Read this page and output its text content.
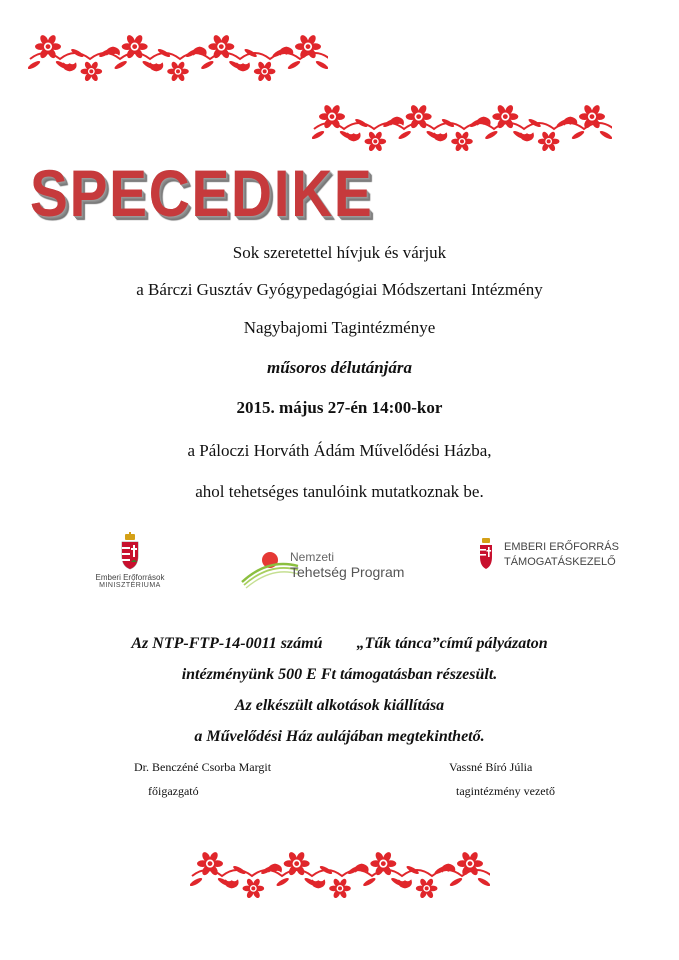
SPECEDIKE
Sok szeretettel hívjuk és várjuk
a Bárczi Gusztáv Gyógypedagógiai Módszertani Intézmény
Nagybajomi Tagintézménye
műsoros délutánjára
2015. május 27-én 14:00-kor
a Páloczi Horváth Ádám Művelődési Házba,
ahol tehetséges tanulóink mutatkoznak be.
Emberi Erőforrások
MINISZTÉRIUMA
Nemzeti
Tehetség Program
EMBERI ERŐFORRÁS
TÁMOGATÁSKEZELŐ
Az NTP-FTP-14-0011 számú „Tűk tánca”című pályázaton
intézményünk 500 E Ft támogatásban részesült.
Az elkészült alkotások kiállítása
a Művelődési Ház aulájában megtekinthető.
Dr. Benczéné Csorba Margit
főigazgató
Vassné Bíró Júlia
tagintézmény vezető
